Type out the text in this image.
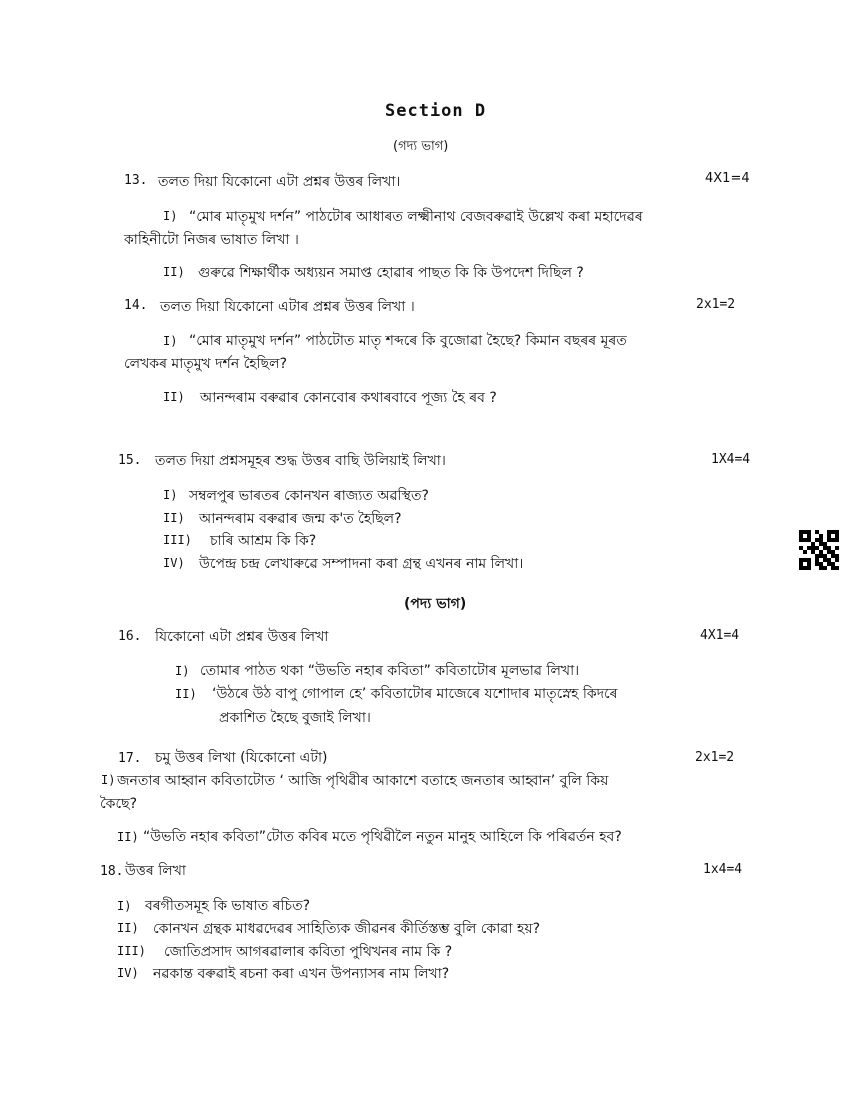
Section D
(গদ্য ভাগ)
13. তলত দিয়া যিকোনো এটা প্ৰশ্নৰ উত্তৰ লিখা।	4X1=4
I) “মোৰ মাতৃমুখ দৰ্শন” পাঠটোৰ আধাৰত লক্ষ্মীনাথ বেজবৰুৱাই উল্লেখ কৰা মহাদেৱৰ
কাহিনীটো নিজৰ ভাষাত লিখা ।
II) গুৰুৱে শিক্ষাৰ্থীক অধ্যয়ন সমাপ্ত হোৱাৰ পাছত কি কি উপদেশ দিছিল ?
14. তলত দিয়া যিকোনো এটাৰ প্ৰশ্নৰ উত্তৰ লিখা ।	2x1=2
I) “মোৰ মাতৃমুখ দৰ্শন” পাঠটোত মাতৃ শব্দৰে কি বুজোৱা হৈছে? কিমান বছৰৰ মূৰত
লেখকৰ মাতৃমুখ দৰ্শন হৈছিল?
II) আনন্দৰাম বৰুৱাৰ কোনবোৰ কথাৰবাবে পূজ্য হৈ ৰব ?
15. তলত দিয়া প্ৰশ্নসমূহৰ শুদ্ধ উত্তৰ বাছি উলিয়াই লিখা।	1X4=4
I) সম্বলপুৰ ভাৰতৰ কোনখন ৰাজ্যত অৱস্থিত?
II) আনন্দৰাম বৰুৱাৰ জন্ম ক'ত হৈছিল?
III) চাৰি আশ্ৰম কি কি?
IV) উপেন্দ্ৰ চন্দ্ৰ লেখাৰুৱে সম্পাদনা কৰা গ্ৰন্থ এখনৰ নাম লিখা।
(পদ্য ভাগ)
16. যিকোনো এটা প্ৰশ্নৰ উত্তৰ লিখা	4X1=4
I) তোমাৰ পাঠত থকা “উভতি নহাৰ কবিতা” কবিতাটোৰ মূলভাৱ লিখা।
II) ‘উঠৰে উঠ বাপু গোপাল হে’ কবিতাটোৰ মাজেৰে যশোদাৰ মাতৃস্নেহ কিদৰে
প্ৰকাশিত হৈছে বুজাই লিখা।
17. চমু উত্তৰ লিখা (যিকোনো এটা)	2x1=2
I) জনতাৰ আহ্বান কবিতাটোত ‘ আজি পৃথিৱীৰ আকাশে বতাহে জনতাৰ আহ্বান’ বুলি কিয়
কৈছে?
II) “উভতি নহাৰ কবিতা”টোত কবিৰ মতে পৃথিৱীলৈ নতুন মানুহ আহিলে কি পৰিৱৰ্তন হব?
18. উত্তৰ লিখা	1x4=4
I) বৰগীতসমূহ কি ভাষাত ৰচিত?
II) কোনখন গ্ৰন্থক মাধৱদেৱৰ সাহিত্যিক জীৱনৰ কীৰ্তিস্তম্ভ বুলি কোৱা হয়?
III) জোতিপ্ৰসাদ আগৰৱালাৰ কবিতা পুথিখনৰ নাম কি ?
IV) নৱকান্ত বৰুৱাই ৰচনা কৰা এখন উপন্যাসৰ নাম লিখা?
